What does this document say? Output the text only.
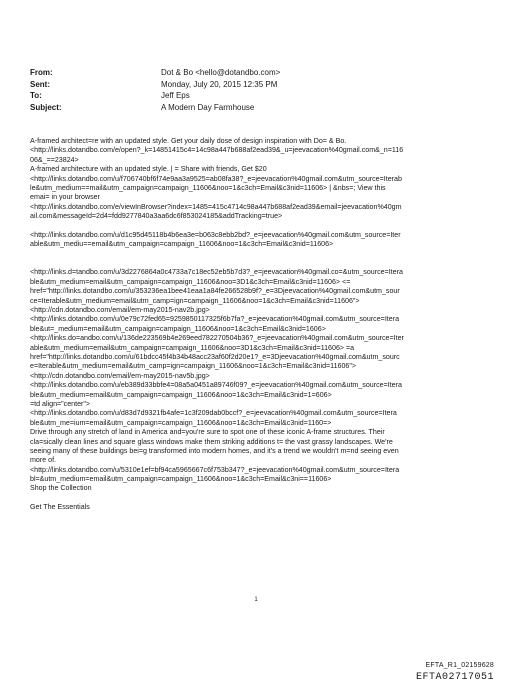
From:	Dot & Bo <hello@dotandbo.com>
Sent:	Monday, July 20, 2015 12:35 PM
To:	Jeff Eps
Subject:	A Modern Day Farmhouse
A-framed architect=re with an updated style. Get your daily dose of design inspiration with Do= & Bo.
<http://links.dotandbo.com/e/open?_k=14851415c4=14c98a447b688af2ead39&_u=jeevacation%40gmail.com&_n=116
06&_==23824>
A-framed architecture with an updated style. | = Share with friends, Get $20
<http://links.dotandbo.com/u/f706740bf6f74e9aa3a9525=ab08fa38?_e=jeevacation%40gmail.com&utm_source=Iterab
le&utm_medium==mail&utm_campaign=campaign_11606&noo=1&c3ch=Email&c3nid=11606> | &nbs=; View this
emai= in your browser
<http://links.dotandbo.com/e/viewInBrowser?index=1485=415c4714c98a447b688af2ead39&email=jeevacation%40gm
ail.com&messageId=2d4=fdd9277840a3aa6dc6f853024185&addTracking=true>
<http://links.dotandbo.com/u/d1c95d45118b4b6ea3e=b063c8ebb2bd?_e=jeevacation%40gmail.com&utm_source=Iter
able&utm_mediu==email&utm_campaign=campaign_11606&noo=1&c3ch=Email&c3nid=11606>
<http://links.d=tandbo.com/u/3d2276864a0c4733a7c18ec52eb5b7d3?_e=jeevacation%40gmail.co=&utm_source=Itera
ble&utm_medium=email&utm_campaign=campaign_11606&noo=3D1&c3ch=Email&c3nid=11606> <=
href="http://links.dotandbo.com/u/353236ea1bee41eaa1a84fe266528b9f?_e=3Djeevacation%40gmail.com&utm_sour
ce=Iterable&utm_medium=email&utm_camp=ign=campaign_11606&noo=1&c3ch=Email&c3nid=11606">
<http://cdn.dotandbo.com/email/em-may2015-nav2b.jpg>
<http://links.dotandbo.com/u/0e79c72fed65=9259850117325f6b7fa?_e=jeevacation%40gmail.com&utm_source=Itera
ble&ut=_medium=email&utm_campaign=campaign_11606&noo=1&c3ch=Email&c3nid=1606>
<http://links.do=andbo.com/u/136de223569b4e269eed782270504b36?_e=jeevacation%40gmail.com&utm_source=Iter
able&utm_medium=email&utm_campaign=campaign_11606&noo=3D1&c3ch=Email&c3nid=11606> =a
href="http://links.dotandbo.com/u/61bdcc45f4b34b48acc23af60f2d20e1?_e=3Djeevacation%40gmail.com&utm_sourc
e=Iterable&utm_medium=email&utm_camp=ign=campaign_11606&noo=1&c3ch=Email&c3nid=11606">
<http://cdn.dotandbo.com/email/em-may2015-nav5b.jpg>
<http://links.dotandbo.com/u/eb389d33bbfe4=08a5a0451a89746f09?_e=jeevacation%40gmail.com&utm_source=Itera
ble&utm_medium=email&utm_campaign=campaign_11606&noo=1&c3ch=Email&c3nid=1=606>
=td align="center">
<http://links.dotandbo.com/u/d83d7d9321fb4afe=1c3f209dab0bccf?_e=jeevacation%40gmail.com&utm_source=Itera
ble&utm_me=ium=email&utm_campaign=campaign_11606&noo=1&c3ch=Email&c3nid=1160=>
Drive through any stretch of land in America and=you're sure to spot one of these iconic A-frame structures. Their
cla=sically clean lines and square glass windows make them striking additions t= the vast grassy landscapes. We're
seeing many of these buildings bei=g transformed into modern homes, and it's a trend we wouldn't m=nd seeing even
more of.
<http://links.dotandbo.com/u/5310e1ef=bf94ca5965667c6f753b347?_e=jeevacation%40gmail.com&utm_source=Itera
bl=&utm_medium=email&utm_campaign=campaign_11606&noo=1&c3ch=Email&c3ni==11606>
Shop the Collection
Get The Essentials
1
EFTA_R1_02159628
EFTA02717051
